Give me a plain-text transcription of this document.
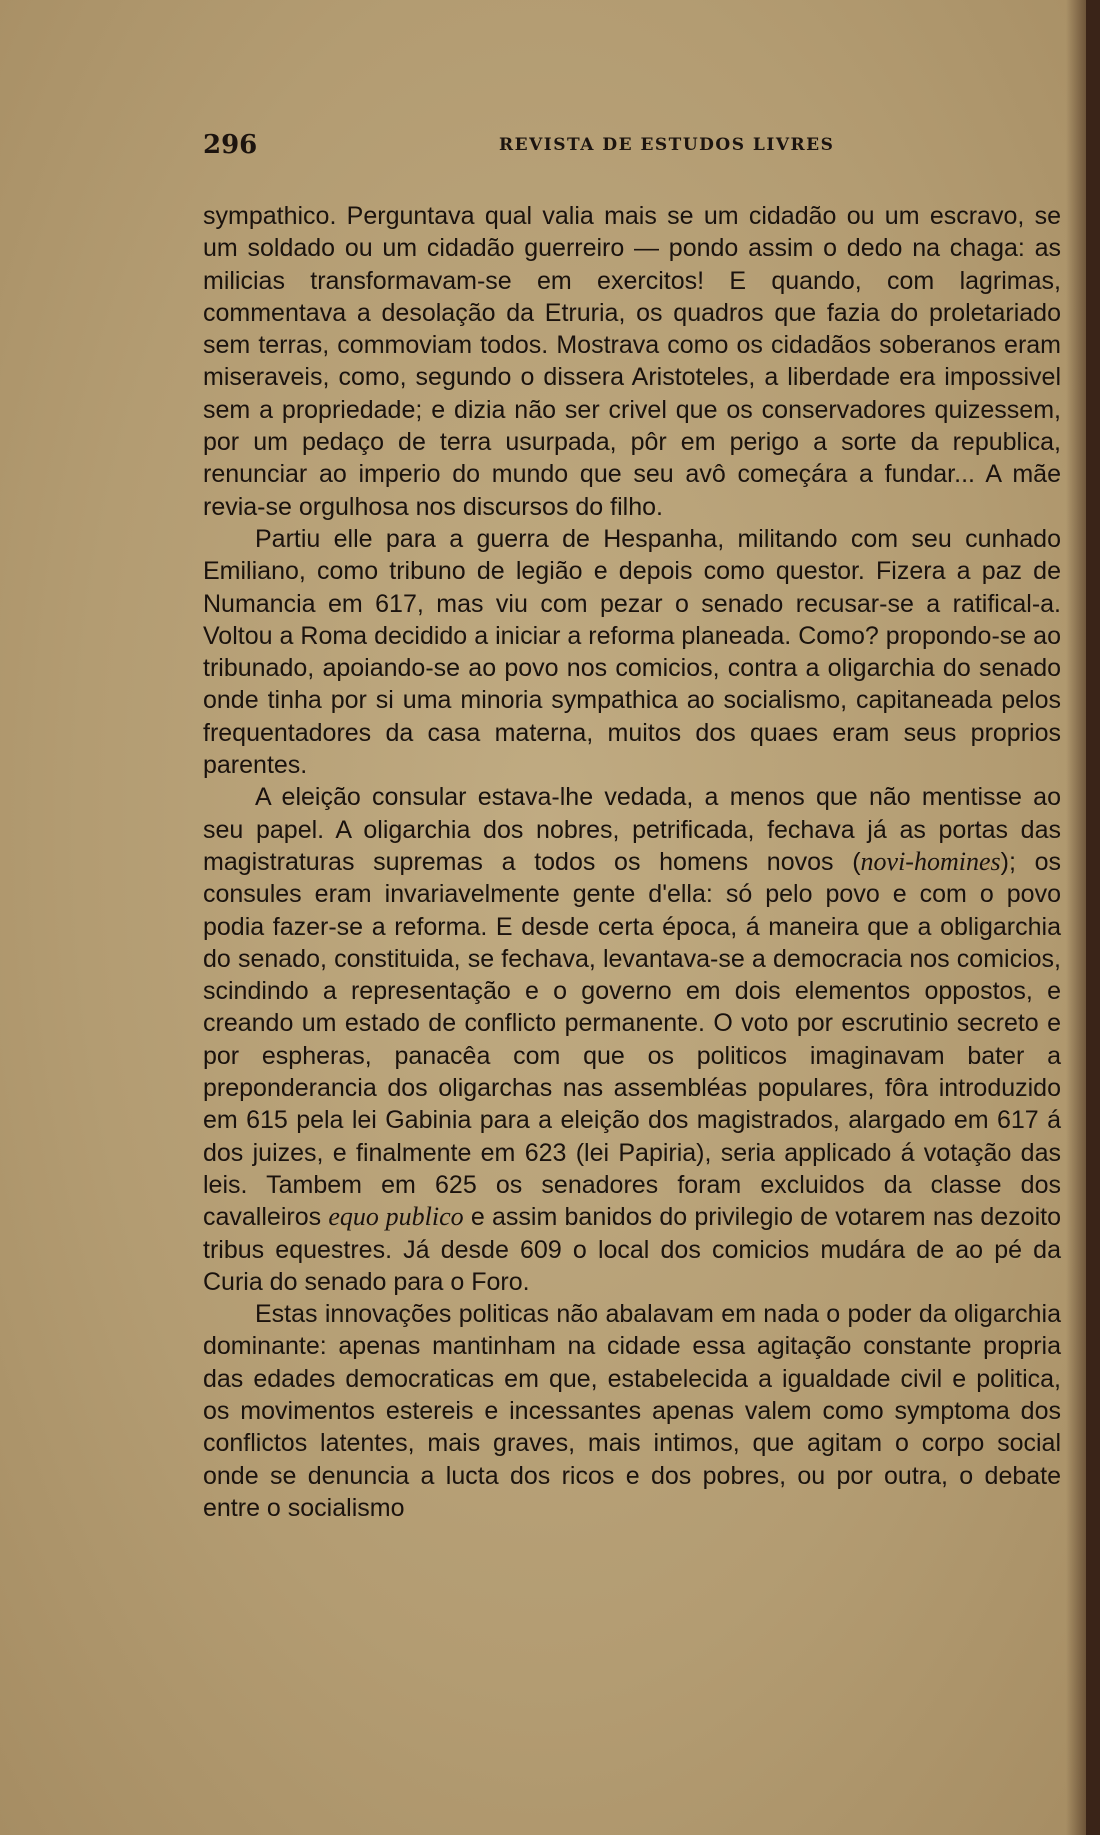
296	REVISTA DE ESTUDOS LIVRES

sympathico. Perguntava qual valia mais se um cidadão ou um escravo, se um soldado ou um cidadão guerreiro — pondo assim o dedo na chaga: as milicias transformavam-se em exercitos! E quando, com lagrimas, commentava a desolação da Etruria, os quadros que fazia do proletariado sem terras, commoviam todos. Mostrava como os cidadãos soberanos eram miseraveis, como, segundo o dissera Aristoteles, a liberdade era impossivel sem a propriedade; e dizia não ser crivel que os conservadores quizessem, por um pedaço de terra usurpada, pôr em perigo a sorte da republica, renunciar ao imperio do mundo que seu avô começára a fundar... A mãe revia-se orgulhosa nos discursos do filho.

Partiu elle para a guerra de Hespanha, militando com seu cunhado Emiliano, como tribuno de legião e depois como questor. Fizera a paz de Numancia em 617, mas viu com pezar o senado recusar-se a ratifical-a. Voltou a Roma decidido a iniciar a reforma planeada. Como? propondo-se ao tribunado, apoiando-se ao povo nos comicios, contra a oligarchia do senado onde tinha por si uma minoria sympathica ao socialismo, capitaneada pelos frequentadores da casa materna, muitos dos quaes eram seus proprios parentes.

A eleição consular estava-lhe vedada, a menos que não mentisse ao seu papel. A oligarchia dos nobres, petrificada, fechava já as portas das magistraturas supremas a todos os homens novos (novi-homines); os consules eram invariavelmente gente d'ella: só pelo povo e com o povo podia fazer-se a reforma. E desde certa época, á maneira que a obligarchia do senado, constituida, se fechava, levantava-se a democracia nos comicios, scindindo a representação e o governo em dois elementos oppostos, e creando um estado de conflicto permanente. O voto por escrutinio secreto e por espheras, panacêa com que os politicos imaginavam bater a preponderancia dos oligarchas nas assembléas populares, fôra introduzido em 615 pela lei Gabinia para a eleição dos magistrados, alargado em 617 á dos juizes, e finalmente em 623 (lei Papiria), seria applicado á votação das leis. Tambem em 625 os senadores foram excluidos da classe dos cavalleiros equo publico e assim banidos do privilegio de votarem nas dezoito tribus equestres. Já desde 609 o local dos comicios mudára de ao pé da Curia do senado para o Foro.

Estas innovações politicas não abalavam em nada o poder da oligarchia dominante: apenas mantinham na cidade essa agitação constante propria das edades democraticas em que, estabelecida a igualdade civil e politica, os movimentos estereis e incessantes apenas valem como symptoma dos conflictos latentes, mais graves, mais intimos, que agitam o corpo social onde se denuncia a lucta dos ricos e dos pobres, ou por outra, o debate entre o socialismo
